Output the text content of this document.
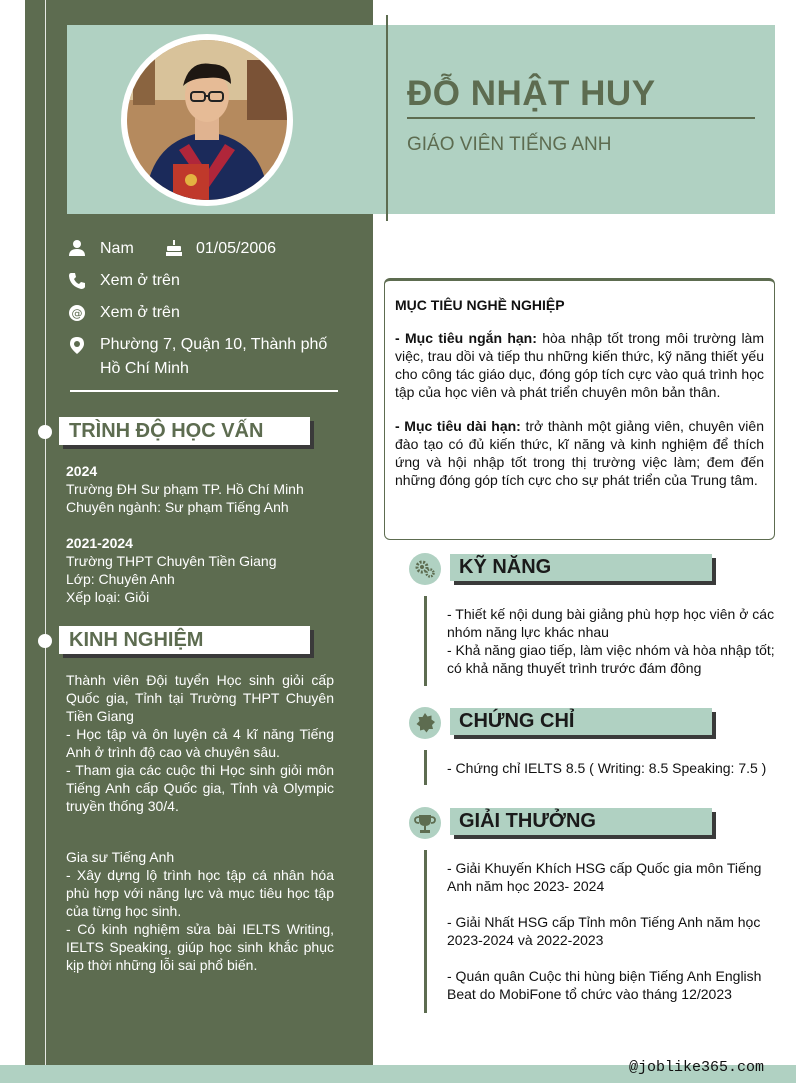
ĐỖ NHẬT HUY
GIÁO VIÊN TIẾNG ANH
Nam	01/05/2006
Xem ở trên
@ Xem ở trên
Phường 7, Quận 10, Thành phố
Hồ Chí Minh
TRÌNH ĐỘ HỌC VẤN
2024
Trường ĐH Sư phạm TP. Hồ Chí Minh
Chuyên ngành: Sư phạm Tiếng Anh
2021-2024
Trường THPT Chuyên Tiền Giang
Lớp: Chuyên Anh
Xếp loại: Giỏi
KINH NGHIỆM
Thành viên Đội tuyển Học sinh giỏi cấp Quốc gia, Tỉnh tại Trường THPT Chuyên Tiền Giang
- Học tập và ôn luyện cả 4 kĩ năng Tiếng Anh ở trình độ cao và chuyên sâu.
- Tham gia các cuộc thi Học sinh giỏi môn Tiếng Anh cấp Quốc gia, Tỉnh và Olympic truyền thống 30/4.
Gia sư Tiếng Anh
- Xây dựng lộ trình học tập cá nhân hóa phù hợp với năng lực và mục tiêu học tập của từng học sinh.
- Có kinh nghiệm sửa bài IELTS Writing, IELTS Speaking, giúp học sinh khắc phục kịp thời những lỗi sai phổ biến.
MỤC TIÊU NGHỀ NGHIỆP

- Mục tiêu ngắn hạn: hòa nhập tốt trong môi trường làm việc, trau dồi và tiếp thu những kiến thức, kỹ năng thiết yếu cho công tác giáo dục, đóng góp tích cực vào quá trình học tập của học viên và phát triển chuyên môn bản thân.

- Mục tiêu dài hạn: trở thành một giảng viên, chuyên viên đào tạo có đủ kiến thức, kĩ năng và kinh nghiệm để thích ứng và hội nhập tốt trong thị trường việc làm; đem đến những đóng góp tích cực cho sự phát triển của Trung tâm.

KỸ NĂNG
- Thiết kế nội dung bài giảng phù hợp học viên ở các nhóm năng lực khác nhau
- Khả năng giao tiếp, làm việc nhóm và hòa nhập tốt; có khả năng thuyết trình trước đám đông
CHỨNG CHỈ
- Chứng chỉ IELTS 8.5 ( Writing: 8.5 Speaking: 7.5 )
GIẢI THƯỞNG
- Giải Khuyến Khích HSG cấp Quốc gia môn Tiếng Anh năm học 2023- 2024
- Giải Nhất HSG cấp Tỉnh môn Tiếng Anh năm học 2023-2024 và 2022-2023
- Quán quân Cuộc thi hùng biện Tiếng Anh English Beat do MobiFone tổ chức vào tháng 12/2023
@joblike365.com
